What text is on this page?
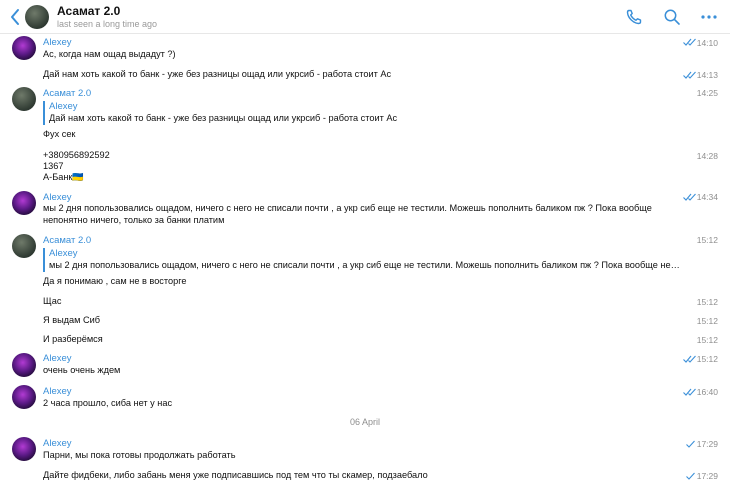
Асамат 2.0
last seen a long time ago
Alexey
Ас, когда нам ощад выдадут ?)
14:10
Дай нам хоть какой то банк - уже без разницы ощад или укрсиб - работа стоит Ас	14:13
Асамат 2.0	14:25
Alexey
Дай нам хоть какой то банк - уже без разницы ощад или укрсиб - работа стоит Ас
Фух сек
+380956892592
1367
А-Банк🇺🇦
14:28
Alexey
мы 2 дня попользовались ощадом, ничего с него не списали почти , а укр сиб еще не тестили. Можешь пополнить баликом пж ? Пока вообще непонятно ничего, только за банки платим
14:34
Асамат 2.0	15:12
Alexey
мы 2 дня попользовались ощадом, ничего с него не списали почти , а укр сиб еще не тестили. Можешь пополнить баликом пж ? Пока вообще не…
Да я понимаю , сам не в восторге
Щас	15:12
Я выдам Сиб	15:12
И разберёмся	15:12
Alexey
очень очень ждем
15:12
Alexey
2 часа прошло, сиба нет у нас
16:40
06 April
Alexey
Парни, мы пока готовы продолжать работать
17:29
Дайте фидбеки, либо забань меня уже подписавшись под тем что ты скамер, подзаебало	17:29
